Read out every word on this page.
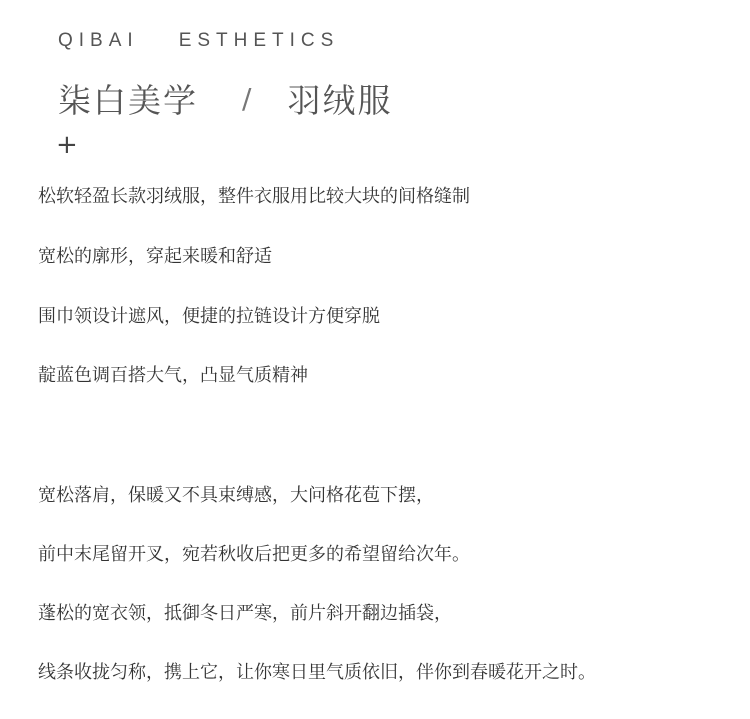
QIBAI ESTHETICS
柒白美学 / 羽绒服
+
松软轻盈长款羽绒服，整件衣服用比较大块的间格缝制
宽松的廓形，穿起来暖和舒适
围巾领设计遮风，便捷的拉链设计方便穿脱
靛蓝色调百搭大气，凸显气质精神
宽松落肩，保暖又不具束缚感，大问格花苞下摆，
前中末尾留开叉，宛若秋收后把更多的希望留给次年。
蓬松的宽衣领，抵御冬日严寒，前片斜开翻边插袋，
线条收拢匀称，携上它，让你寒日里气质依旧，伴你到春暖花开之时。
